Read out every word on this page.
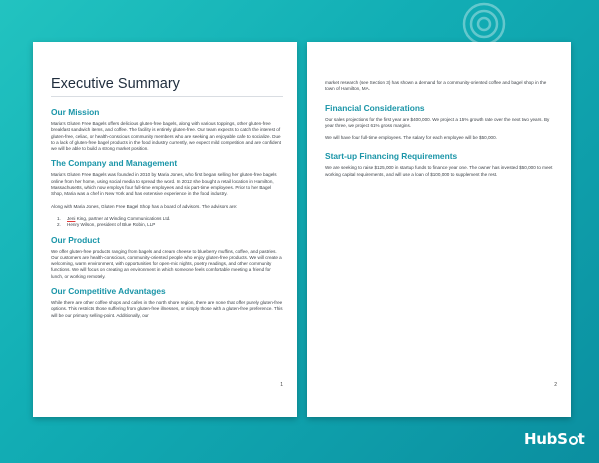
Executive Summary
Our Mission

Maria's Gluten Free Bagels offers delicious gluten-free bagels, along with various toppings, other gluten-free breakfast sandwich items, and coffee. The facility is entirely gluten-free. Our team expects to catch the interest of gluten-free, celiac, or health-conscious community members who are seeking an enjoyable cafe to socialize. Due to a lack of gluten-free bagel products in the food industry currently, we expect mild competition and are confident we will be able to build a strong market position.

The Company and Management

Maria's Gluten Free Bagels was founded in 2010 by Maria Jones, who first began selling her gluten-free bagels online from her home, using social media to spread the word. In 2012 she bought a retail location in Hamilton, Massachusetts, which now employs four full-time employees and six part-time employees. Prior to her Bagel Shop, Maria was a chef in New York and has extensive experience in the food industry.

Along with Maria Jones, Gluten Free Bagel Shop has a board of advisors. The advisors are:

1. Jeni King, partner at Winding Communications Ltd.
2. Henry Wilson, president of Blue Robin, LLP
Our Product

We offer gluten-free products ranging from bagels and cream cheese to blueberry muffins, coffee, and pastries. Our customers are health-conscious, community-oriented people who enjoy gluten-free products. We will create a welcoming, warm environment, with opportunities for open-mic nights, poetry readings, and other community functions. We will focus on creating an environment in which someone feels comfortable meeting a friend for lunch, or working remotely.

Our Competitive Advantages

While there are other coffee shops and cafes in the north shore region, there are none that offer purely gluten-free options. This restricts those suffering from gluten-free illnesses, or simply those with a gluten-free preference. This will be our primary selling-point. Additionally, our

1

market research (see Section 3) has shown a demand for a community-oriented coffee and bagel shop in the town of Hamilton, MA.

Financial Considerations

Our sales projections for the first year are $400,000. We project a 15% growth rate over the next two years. By year three, we project 61% gross margins.

We will have four full-time employees. The salary for each employee will be $50,000.

Start-up Financing Requirements

We are seeking to raise $125,000 in startup funds to finance year one. The owner has invested $50,000 to meet working capital requirements, and will use a loan of $100,000 to supplement the rest.

2
HubS t
